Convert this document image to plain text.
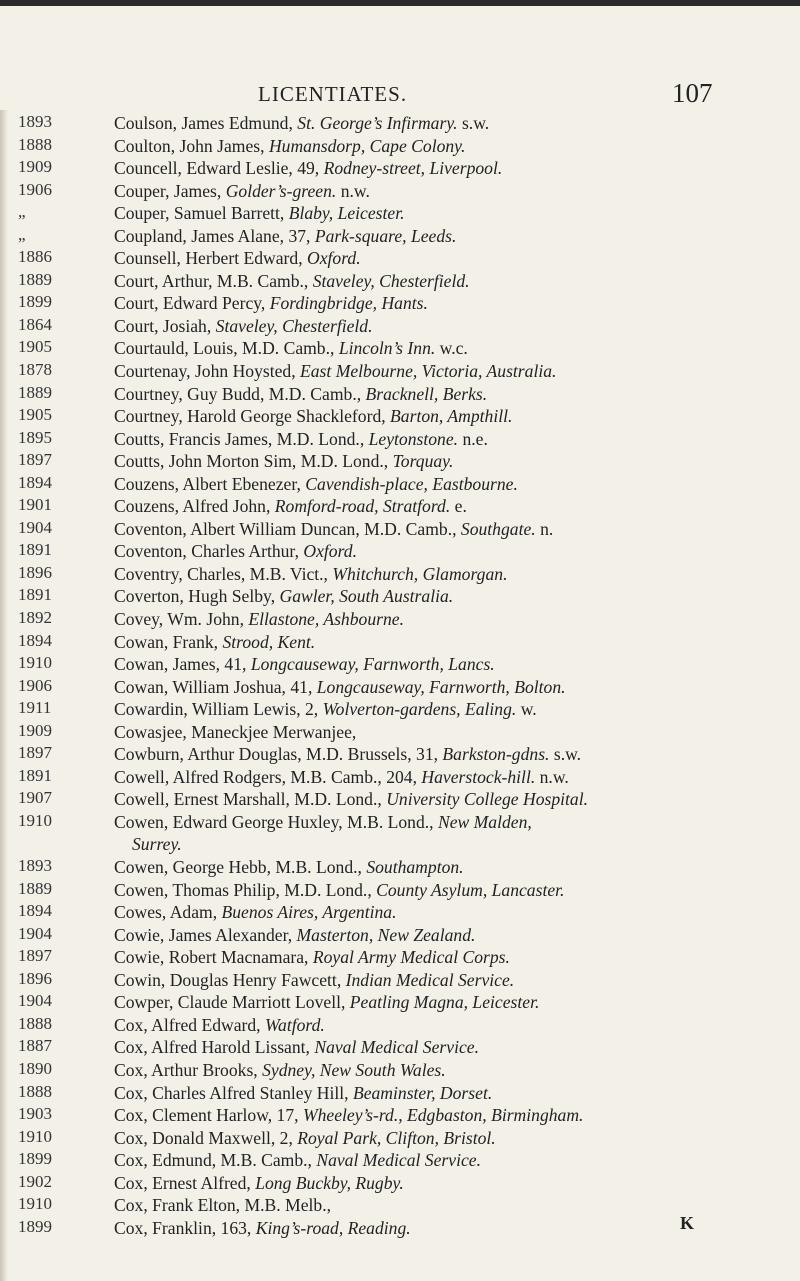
LICENTIATES.	107
1893	Coulson, James Edmund, St. George’s Infirmary. s.w.
1888	Coulton, John James, Humansdorp, Cape Colony.
1909	Councell, Edward Leslie, 49, Rodney-street, Liverpool.
1906	Couper, James, Golder’s-green. n.w.
„	Couper, Samuel Barrett, Blaby, Leicester.
„	Coupland, James Alane, 37, Park-square, Leeds.
1886	Counsell, Herbert Edward, Oxford.
1889	Court, Arthur, M.B. Camb., Staveley, Chesterfield.
1899	Court, Edward Percy, Fordingbridge, Hants.
1864	Court, Josiah, Staveley, Chesterfield.
1905	Courtauld, Louis, M.D. Camb., Lincoln’s Inn. w.c.
1878	Courtenay, John Hoysted, East Melbourne, Victoria, Australia.
1889	Courtney, Guy Budd, M.D. Camb., Bracknell, Berks.
1905	Courtney, Harold George Shackleford, Barton, Ampthill.
1895	Coutts, Francis James, M.D. Lond., Leytonstone. n.e.
1897	Coutts, John Morton Sim, M.D. Lond., Torquay.
1894	Couzens, Albert Ebenezer, Cavendish-place, Eastbourne.
1901	Couzens, Alfred John, Romford-road, Stratford. e.
1904	Coventon, Albert William Duncan, M.D. Camb., Southgate. n.
1891	Coventon, Charles Arthur, Oxford.
1896	Coventry, Charles, M.B. Vict., Whitchurch, Glamorgan.
1891	Coverton, Hugh Selby, Gawler, South Australia.
1892	Covey, Wm. John, Ellastone, Ashbourne.
1894	Cowan, Frank, Strood, Kent.
1910	Cowan, James, 41, Longcauseway, Farnworth, Lancs.
1906	Cowan, William Joshua, 41, Longcauseway, Farnworth, Bolton.
1911	Cowardin, William Lewis, 2, Wolverton-gardens, Ealing. w.
1909	Cowasjee, Maneckjee Merwanjee,
1897	Cowburn, Arthur Douglas, M.D. Brussels, 31, Barkston-gdns. s.w.
1891	Cowell, Alfred Rodgers, M.B. Camb., 204, Haverstock-hill. n.w.
1907	Cowell, Ernest Marshall, M.D. Lond., University College Hospital.
1910	Cowen, Edward George Huxley, M.B. Lond., New Malden,
Surrey.
1893	Cowen, George Hebb, M.B. Lond., Southampton.
1889	Cowen, Thomas Philip, M.D. Lond., County Asylum, Lancaster.
1894	Cowes, Adam, Buenos Aires, Argentina.
1904	Cowie, James Alexander, Masterton, New Zealand.
1897	Cowie, Robert Macnamara, Royal Army Medical Corps.
1896	Cowin, Douglas Henry Fawcett, Indian Medical Service.
1904	Cowper, Claude Marriott Lovell, Peatling Magna, Leicester.
1888	Cox, Alfred Edward, Watford.
1887	Cox, Alfred Harold Lissant, Naval Medical Service.
1890	Cox, Arthur Brooks, Sydney, New South Wales.
1888	Cox, Charles Alfred Stanley Hill, Beaminster, Dorset.
1903	Cox, Clement Harlow, 17, Wheeley’s-rd., Edgbaston, Birmingham.
1910	Cox, Donald Maxwell, 2, Royal Park, Clifton, Bristol.
1899	Cox, Edmund, M.B. Camb., Naval Medical Service.
1902	Cox, Ernest Alfred, Long Buckby, Rugby.
1910	Cox, Frank Elton, M.B. Melb.,
1899	Cox, Franklin, 163, King’s-road, Reading.	K
